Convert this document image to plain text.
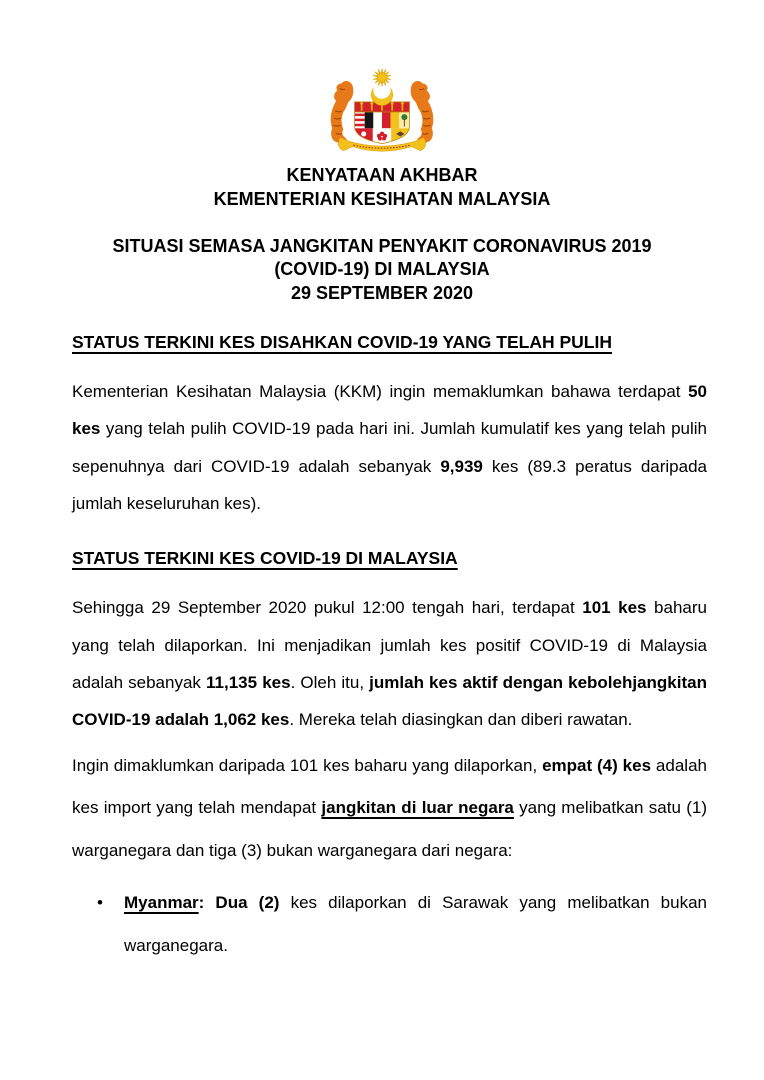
KENYATAAN AKHBAR
KEMENTERIAN KESIHATAN MALAYSIA
SITUASI SEMASA JANGKITAN PENYAKIT CORONAVIRUS 2019
(COVID-19) DI MALAYSIA
29 SEPTEMBER 2020
STATUS TERKINI KES DISAHKAN COVID-19 YANG TELAH PULIH

Kementerian Kesihatan Malaysia (KKM) ingin memaklumkan bahawa terdapat 50 kes yang telah pulih COVID-19 pada hari ini. Jumlah kumulatif kes yang telah pulih sepenuhnya dari COVID-19 adalah sebanyak 9,939 kes (89.3 peratus daripada jumlah keseluruhan kes).

STATUS TERKINI KES COVID-19 DI MALAYSIA

Sehingga 29 September 2020 pukul 12:00 tengah hari, terdapat 101 kes baharu yang telah dilaporkan. Ini menjadikan jumlah kes positif COVID-19 di Malaysia adalah sebanyak 11,135 kes. Oleh itu, jumlah kes aktif dengan kebolehjangkitan COVID-19 adalah 1,062 kes. Mereka telah diasingkan dan diberi rawatan.

Ingin dimaklumkan daripada 101 kes baharu yang dilaporkan, empat (4) kes adalah kes import yang telah mendapat jangkitan di luar negara yang melibatkan satu (1) warganegara dan tiga (3) bukan warganegara dari negara:

•	Myanmar: Dua (2) kes dilaporkan di Sarawak yang melibatkan bukan warganegara.
